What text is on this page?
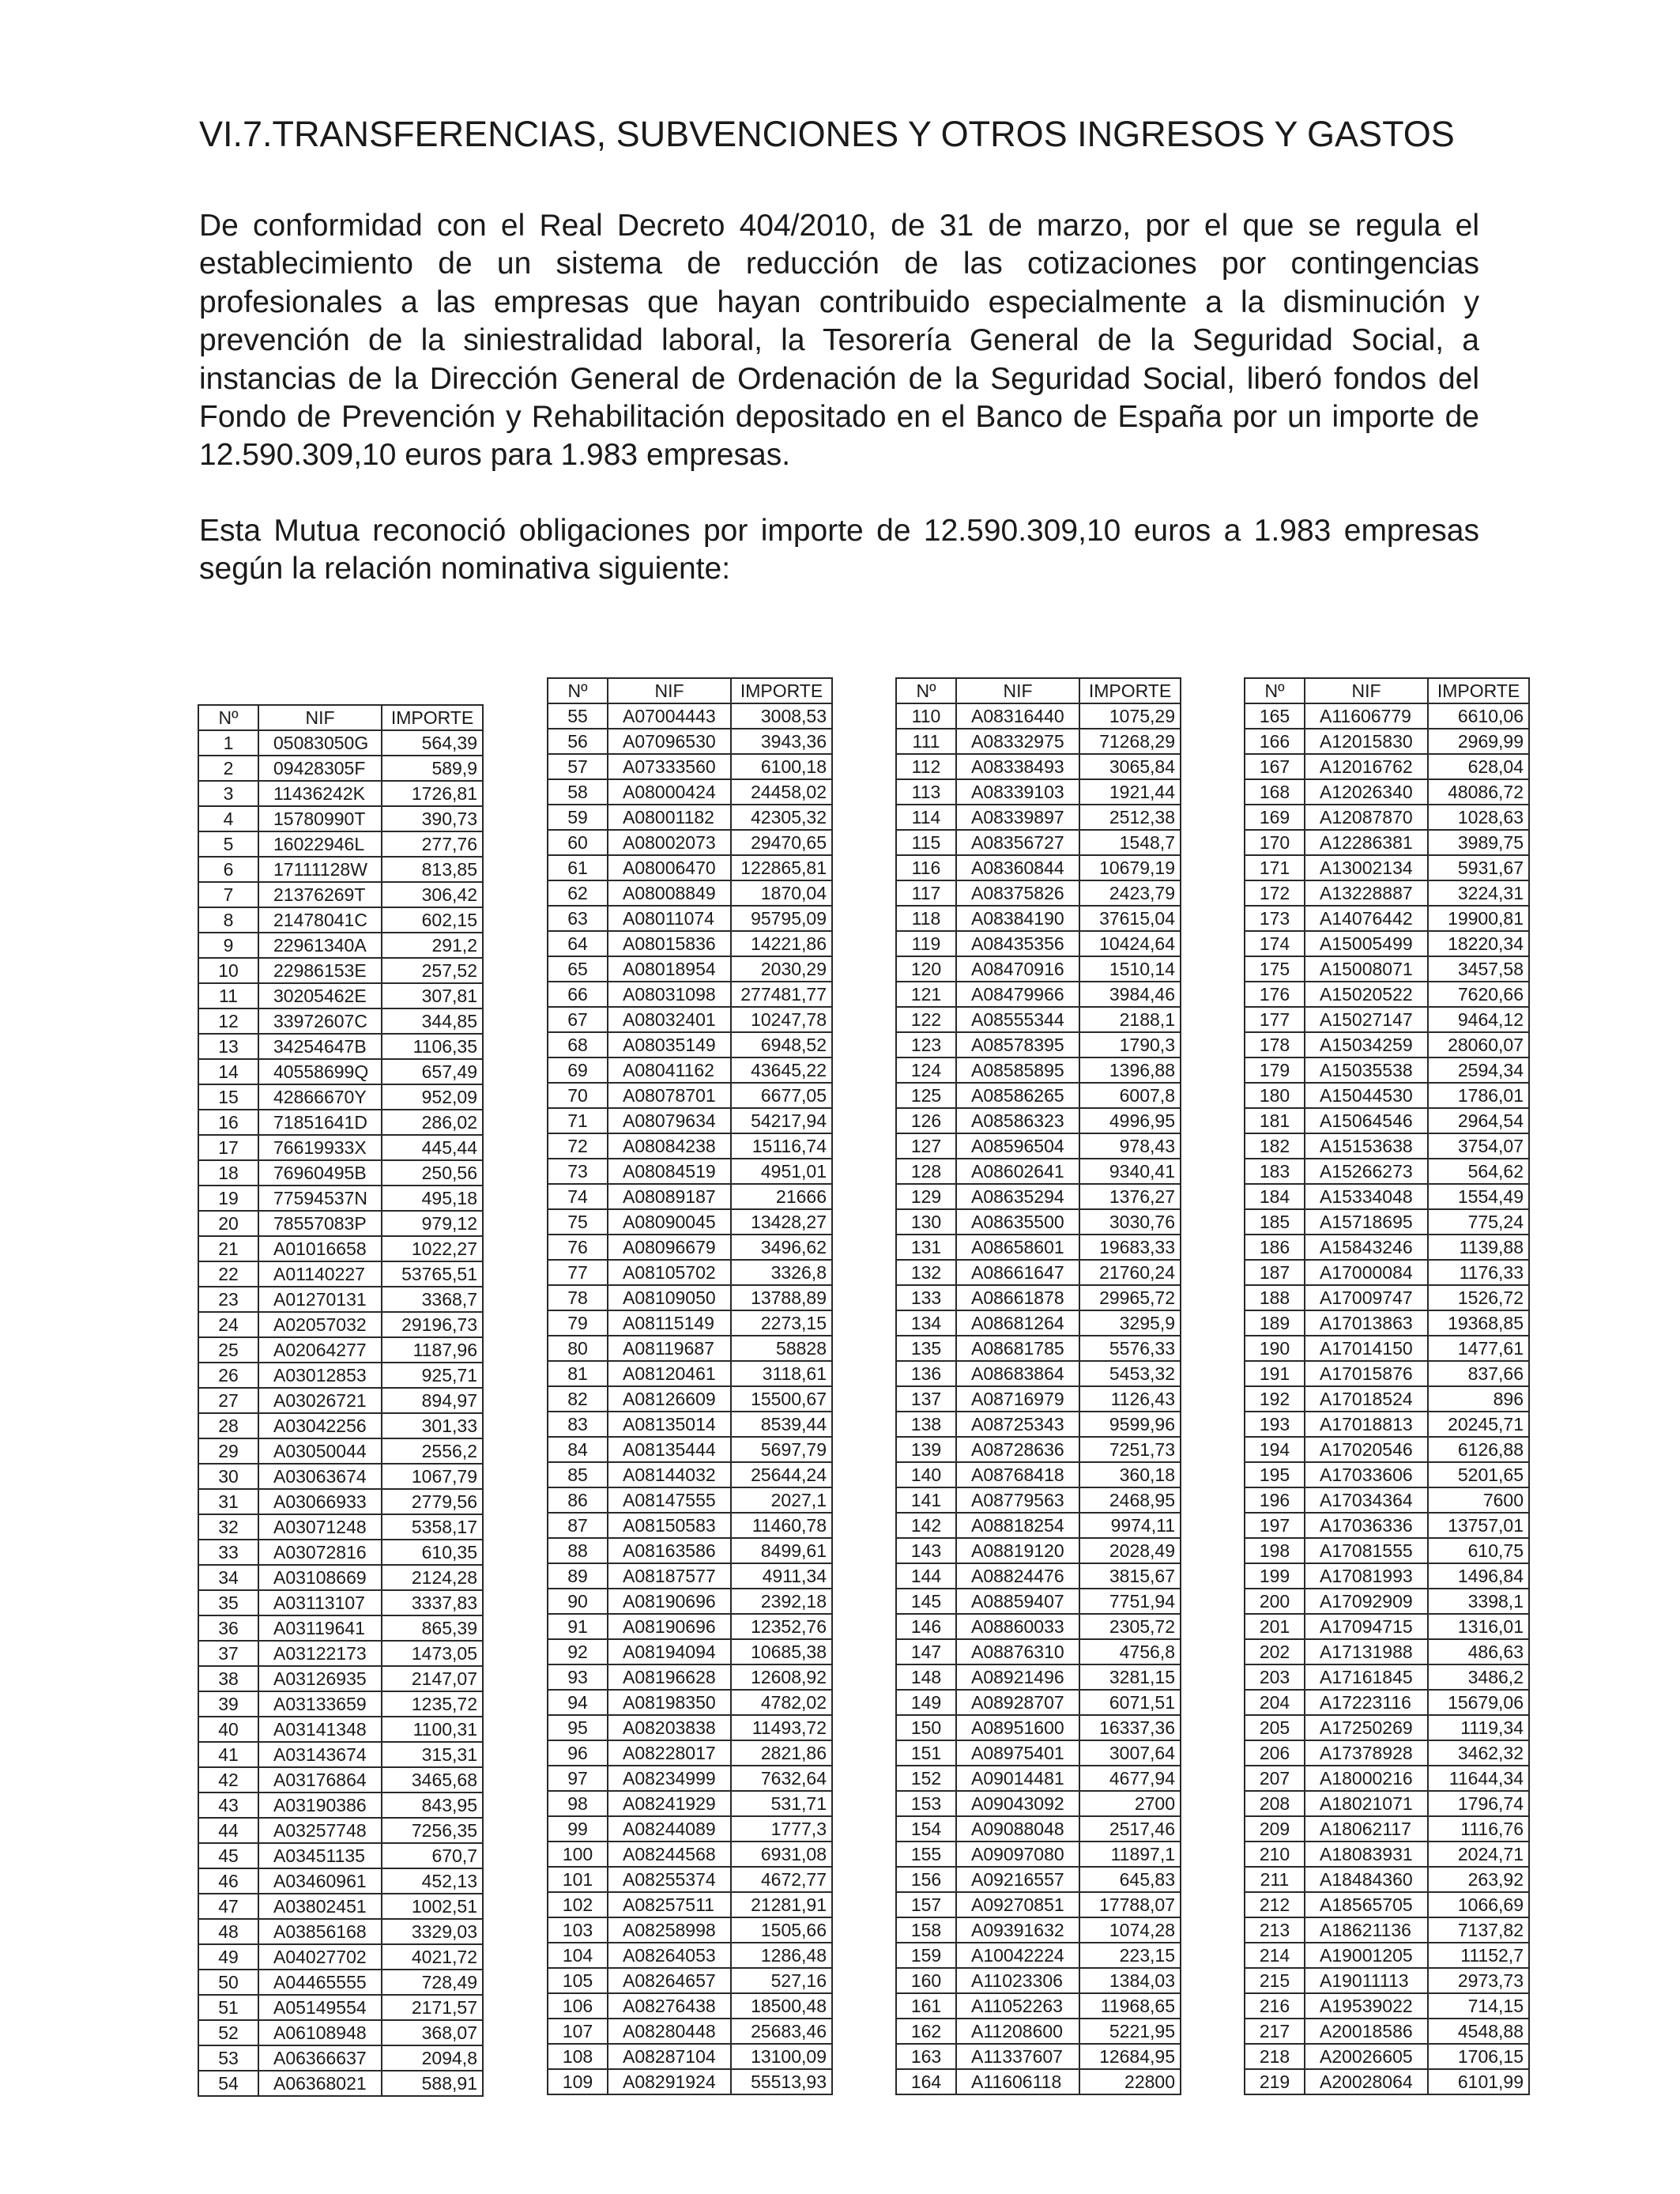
VI.7.TRANSFERENCIAS, SUBVENCIONES Y OTROS INGRESOS Y GASTOS

De conformidad con el Real Decreto 404/2010, de 31 de marzo, por el que se regula el establecimiento de un sistema de reducción de las cotizaciones por contingencias profesionales a las empresas que hayan contribuido especialmente a la disminución y prevención de la siniestralidad laboral, la Tesorería General de la Seguridad Social, a instancias de la Dirección General de Ordenación de la Seguridad Social, liberó fondos del Fondo de Prevención y Rehabilitación depositado en el Banco de España por un importe de 12.590.309,10 euros para 1.983 empresas.

Esta Mutua reconoció obligaciones por importe de 12.590.309,10 euros a 1.983 empresas según la relación nominativa siguiente:

Nº	NIF	IMPORTE
1	05083050G	564,39
2	09428305F	589,9
3	11436242K	1726,81
4	15780990T	390,73
5	16022946L	277,76
6	17111128W	813,85
7	21376269T	306,42
8	21478041C	602,15
9	22961340A	291,2
10	22986153E	257,52
11	30205462E	307,81
12	33972607C	344,85
13	34254647B	1106,35
14	40558699Q	657,49
15	42866670Y	952,09
16	71851641D	286,02
17	76619933X	445,44
18	76960495B	250,56
19	77594537N	495,18
20	78557083P	979,12
21	A01016658	1022,27
22	A01140227	53765,51
23	A01270131	3368,7
24	A02057032	29196,73
25	A02064277	1187,96
26	A03012853	925,71
27	A03026721	894,97
28	A03042256	301,33
29	A03050044	2556,2
30	A03063674	1067,79
31	A03066933	2779,56
32	A03071248	5358,17
33	A03072816	610,35
34	A03108669	2124,28
35	A03113107	3337,83
36	A03119641	865,39
37	A03122173	1473,05
38	A03126935	2147,07
39	A03133659	1235,72
40	A03141348	1100,31
41	A03143674	315,31
42	A03176864	3465,68
43	A03190386	843,95
44	A03257748	7256,35
45	A03451135	670,7
46	A03460961	452,13
47	A03802451	1002,51
48	A03856168	3329,03
49	A04027702	4021,72
50	A04465555	728,49
51	A05149554	2171,57
52	A06108948	368,07
53	A06366637	2094,8
54	A06368021	588,91
Nº	NIF	IMPORTE
55	A07004443	3008,53
56	A07096530	3943,36
57	A07333560	6100,18
58	A08000424	24458,02
59	A08001182	42305,32
60	A08002073	29470,65
61	A08006470	122865,81
62	A08008849	1870,04
63	A08011074	95795,09
64	A08015836	14221,86
65	A08018954	2030,29
66	A08031098	277481,77
67	A08032401	10247,78
68	A08035149	6948,52
69	A08041162	43645,22
70	A08078701	6677,05
71	A08079634	54217,94
72	A08084238	15116,74
73	A08084519	4951,01
74	A08089187	21666
75	A08090045	13428,27
76	A08096679	3496,62
77	A08105702	3326,8
78	A08109050	13788,89
79	A08115149	2273,15
80	A08119687	58828
81	A08120461	3118,61
82	A08126609	15500,67
83	A08135014	8539,44
84	A08135444	5697,79
85	A08144032	25644,24
86	A08147555	2027,1
87	A08150583	11460,78
88	A08163586	8499,61
89	A08187577	4911,34
90	A08190696	2392,18
91	A08190696	12352,76
92	A08194094	10685,38
93	A08196628	12608,92
94	A08198350	4782,02
95	A08203838	11493,72
96	A08228017	2821,86
97	A08234999	7632,64
98	A08241929	531,71
99	A08244089	1777,3
100	A08244568	6931,08
101	A08255374	4672,77
102	A08257511	21281,91
103	A08258998	1505,66
104	A08264053	1286,48
105	A08264657	527,16
106	A08276438	18500,48
107	A08280448	25683,46
108	A08287104	13100,09
109	A08291924	55513,93
Nº	NIF	IMPORTE
110	A08316440	1075,29
111	A08332975	71268,29
112	A08338493	3065,84
113	A08339103	1921,44
114	A08339897	2512,38
115	A08356727	1548,7
116	A08360844	10679,19
117	A08375826	2423,79
118	A08384190	37615,04
119	A08435356	10424,64
120	A08470916	1510,14
121	A08479966	3984,46
122	A08555344	2188,1
123	A08578395	1790,3
124	A08585895	1396,88
125	A08586265	6007,8
126	A08586323	4996,95
127	A08596504	978,43
128	A08602641	9340,41
129	A08635294	1376,27
130	A08635500	3030,76
131	A08658601	19683,33
132	A08661647	21760,24
133	A08661878	29965,72
134	A08681264	3295,9
135	A08681785	5576,33
136	A08683864	5453,32
137	A08716979	1126,43
138	A08725343	9599,96
139	A08728636	7251,73
140	A08768418	360,18
141	A08779563	2468,95
142	A08818254	9974,11
143	A08819120	2028,49
144	A08824476	3815,67
145	A08859407	7751,94
146	A08860033	2305,72
147	A08876310	4756,8
148	A08921496	3281,15
149	A08928707	6071,51
150	A08951600	16337,36
151	A08975401	3007,64
152	A09014481	4677,94
153	A09043092	2700
154	A09088048	2517,46
155	A09097080	11897,1
156	A09216557	645,83
157	A09270851	17788,07
158	A09391632	1074,28
159	A10042224	223,15
160	A11023306	1384,03
161	A11052263	11968,65
162	A11208600	5221,95
163	A11337607	12684,95
164	A11606118	22800
Nº	NIF	IMPORTE
165	A11606779	6610,06
166	A12015830	2969,99
167	A12016762	628,04
168	A12026340	48086,72
169	A12087870	1028,63
170	A12286381	3989,75
171	A13002134	5931,67
172	A13228887	3224,31
173	A14076442	19900,81
174	A15005499	18220,34
175	A15008071	3457,58
176	A15020522	7620,66
177	A15027147	9464,12
178	A15034259	28060,07
179	A15035538	2594,34
180	A15044530	1786,01
181	A15064546	2964,54
182	A15153638	3754,07
183	A15266273	564,62
184	A15334048	1554,49
185	A15718695	775,24
186	A15843246	1139,88
187	A17000084	1176,33
188	A17009747	1526,72
189	A17013863	19368,85
190	A17014150	1477,61
191	A17015876	837,66
192	A17018524	896
193	A17018813	20245,71
194	A17020546	6126,88
195	A17033606	5201,65
196	A17034364	7600
197	A17036336	13757,01
198	A17081555	610,75
199	A17081993	1496,84
200	A17092909	3398,1
201	A17094715	1316,01
202	A17131988	486,63
203	A17161845	3486,2
204	A17223116	15679,06
205	A17250269	1119,34
206	A17378928	3462,32
207	A18000216	11644,34
208	A18021071	1796,74
209	A18062117	1116,76
210	A18083931	2024,71
211	A18484360	263,92
212	A18565705	1066,69
213	A18621136	7137,82
214	A19001205	11152,7
215	A19011113	2973,73
216	A19539022	714,15
217	A20018586	4548,88
218	A20026605	1706,15
219	A20028064	6101,99
